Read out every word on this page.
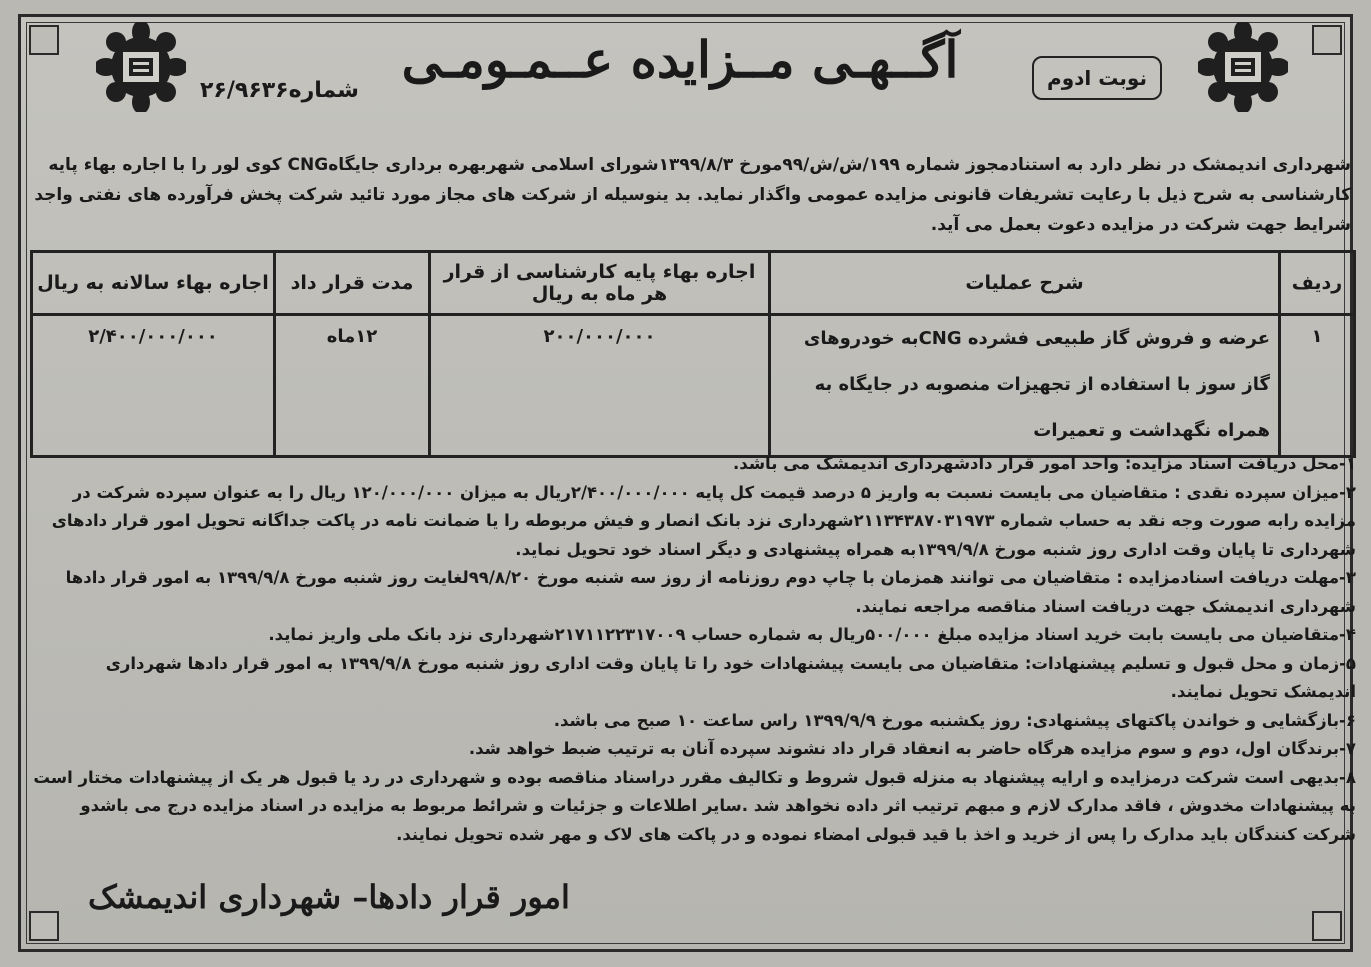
آگــهـی مــزایده عــمـومـی
شماره۲۶/۹۶۳۶	نوبت ادوم
شهرداری اندیمشک در نظر دارد به استنادمجوز شماره ۱۹۹/ش/ش/۹۹مورخ ۱۳۹۹/۸/۳شورای اسلامی شهربهره برداری جایگاهCNG کوی لور را با اجاره بهاء پایه کارشناسی به شرح ذیل با رعایت تشریفات قانونی مزایده عمومی واگذار نماید. بد ینوسیله از شرکت های مجاز مورد تائید شرکت پخش فرآورده های نفتی واجد شرایط جهت شرکت در مزایده دعوت بعمل می آید.
ردیف	شرح عملیات	اجاره بهاء پایه کارشناسی از قرار هر ماه به ریال	مدت قرار داد	اجاره بهاء سالانه به ریال
۱	عرضه و فروش گاز طبیعی فشرده CNGبه خودروهای گاز سوز با استفاده از تجهیزات منصوبه در جایگاه به همراه نگهداشت و تعمیرات	۲۰۰/۰۰۰/۰۰۰	۱۲ماه	۲/۴۰۰/۰۰۰/۰۰۰

۱-محل دریافت اسناد مزایده: واحد امور قرار دادشهرداری اندیمشک می باشد.

۲-میزان سپرده نقدی : متقاضیان می بایست نسبت به واریز ۵ درصد قیمت کل پایه ۲/۴۰۰/۰۰۰/۰۰۰ریال به میزان ۱۲۰/۰۰۰/۰۰۰ ریال را به عنوان سپرده شرکت در مزایده رابه صورت وجه نقد به حساب شماره ۲۱۱۳۴۳۸۷۰۳۱۹۷۳شهرداری نزد بانک انصار و فیش مربوطه را یا ضمانت نامه در پاکت جداگانه تحویل امور قرار دادهای شهرداری تا پایان وقت اداری روز شنبه مورخ ۱۳۹۹/۹/۸به همراه پیشنهادی و دیگر اسناد خود تحویل نماید.

۳-مهلت دریافت اسنادمزایده : متقاضیان می توانند همزمان با چاپ دوم روزنامه از روز سه شنبه مورخ ۹۹/۸/۲۰لغایت روز شنبه مورخ ۱۳۹۹/۹/۸ به امور قرار دادها شهرداری اندیمشک جهت دریافت اسناد مناقصه مراجعه نمایند.

۴-متقاضیان می بایست بابت خرید اسناد مزایده مبلغ ۵۰۰/۰۰۰ریال به شماره حساب ۲۱۷۱۱۲۲۳۱۷۰۰۹شهرداری نزد بانک ملی واریز نماید.

۵-زمان و محل قبول و تسلیم پیشنهادات: متقاضیان می بایست پیشنهادات خود را تا پایان وقت اداری روز شنبه مورخ ۱۳۹۹/۹/۸ به امور قرار دادها شهرداری اندیمشک تحویل نمایند.

۶-بازگشایی و خواندن پاکتهای پیشنهادی: روز یکشنبه مورخ ۱۳۹۹/۹/۹ راس ساعت ۱۰ صبح می باشد.

۷-برندگان اول، دوم و سوم مزایده هرگاه حاضر به انعقاد قرار داد نشوند سپرده آنان به ترتیب ضبط خواهد شد.

۸-بدیهی است شرکت درمزایده و ارایه پیشنهاد به منزله قبول شروط و تکالیف مقرر دراسناد مناقصه بوده و شهرداری در رد یا قبول هر یک از پیشنهادات مختار است به پیشنهادات مخدوش ، فاقد مدارک لازم و مبهم ترتیب اثر داده نخواهد شد .سایر اطلاعات و جزئیات و شرائط مربوط به مزایده در اسناد مزایده درج می باشدو شرکت کنندگان باید مدارک را پس از خرید و اخذ با قید قبولی امضاء نموده و در پاکت های لاک و مهر شده تحویل نمایند.

امور قرار دادها– شهرداری اندیمشک
